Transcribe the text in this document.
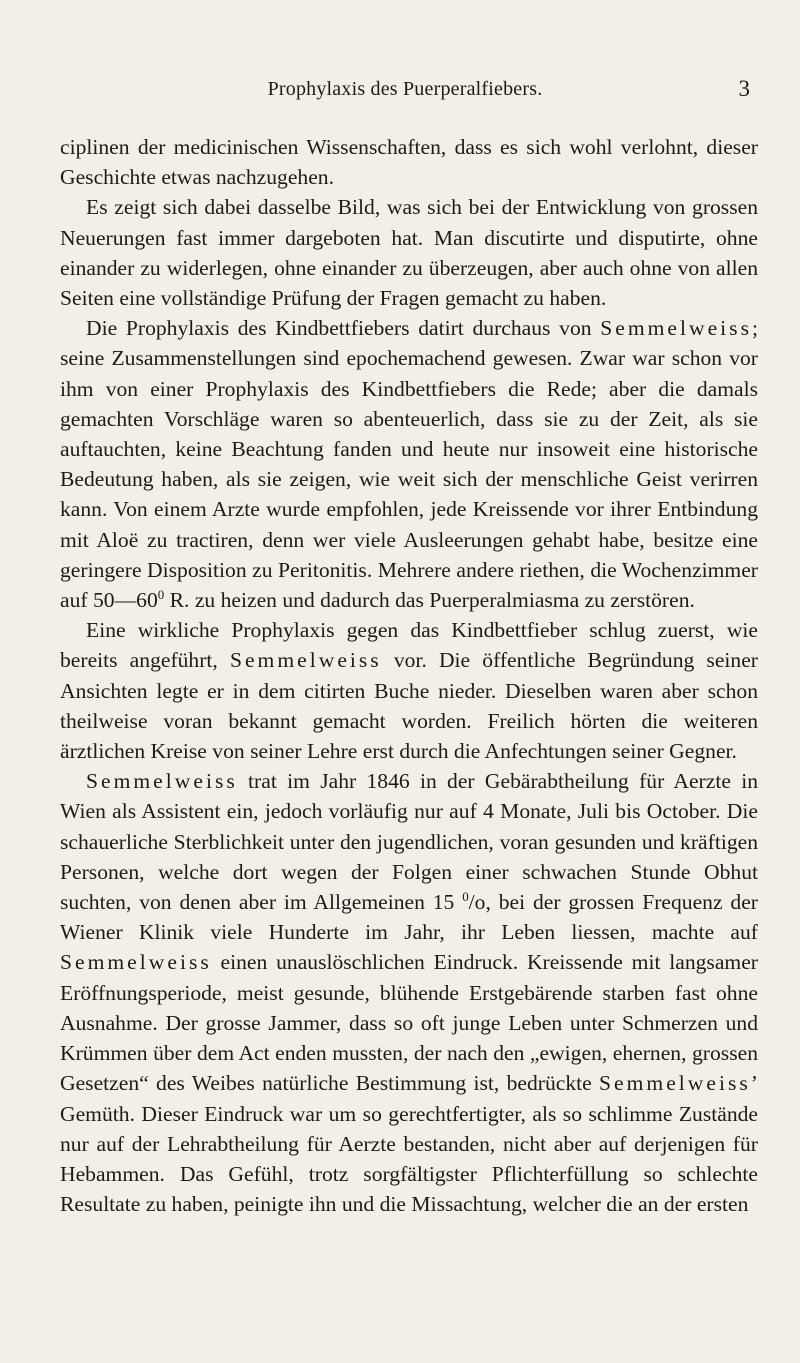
Prophylaxis des Puerperalfiebers.	3

ciplinen der medicinischen Wissenschaften, dass es sich wohl verlohnt, dieser Geschichte etwas nachzugehen.

Es zeigt sich dabei dasselbe Bild, was sich bei der Entwicklung von grossen Neuerungen fast immer dargeboten hat. Man discutirte und disputirte, ohne einander zu widerlegen, ohne einander zu überzeugen, aber auch ohne von allen Seiten eine vollständige Prüfung der Fragen gemacht zu haben.

Die Prophylaxis des Kindbettfiebers datirt durchaus von Semmelweiss; seine Zusammenstellungen sind epochemachend gewesen. Zwar war schon vor ihm von einer Prophylaxis des Kindbettfiebers die Rede; aber die damals gemachten Vorschläge waren so abenteuerlich, dass sie zu der Zeit, als sie auftauchten, keine Beachtung fanden und heute nur insoweit eine historische Bedeutung haben, als sie zeigen, wie weit sich der menschliche Geist verirren kann. Von einem Arzte wurde empfohlen, jede Kreissende vor ihrer Entbindung mit Aloë zu tractiren, denn wer viele Ausleerungen gehabt habe, besitze eine geringere Disposition zu Peritonitis. Mehrere andere riethen, die Wochenzimmer auf $50—60^0$ R. zu heizen und dadurch das Puerperalmiasma zu zerstören.

Eine wirkliche Prophylaxis gegen das Kindbettfieber schlug zuerst, wie bereits angeführt, Semmelweiss vor. Die öffentliche Begründung seiner Ansichten legte er in dem citirten Buche nieder. Dieselben waren aber schon theilweise voran bekannt gemacht worden. Freilich hörten die weiteren ärztlichen Kreise von seiner Lehre erst durch die Anfechtungen seiner Gegner.

Semmelweiss trat im Jahr 1846 in der Gebärabtheilung für Aerzte in Wien als Assistent ein, jedoch vorläufig nur auf 4 Monate, Juli bis October. Die schauerliche Sterblichkeit unter den jugendlichen, voran gesunden und kräftigen Personen, welche dort wegen der Folgen einer schwachen Stunde Obhut suchten, von denen aber im Allgemeinen 15 $^0$/o, bei der grossen Frequenz der Wiener Klinik viele Hunderte im Jahr, ihr Leben liessen, machte auf Semmelweiss einen unauslöschlichen Eindruck. Kreissende mit langsamer Eröffnungsperiode, meist gesunde, blühende Erstgebärende starben fast ohne Ausnahme. Der grosse Jammer, dass so oft junge Leben unter Schmerzen und Krümmen über dem Act enden mussten, der nach den „ewigen, ehernen, grossen Gesetzen“ des Weibes natürliche Bestimmung ist, bedrückte Semmelweiss’ Gemüth. Dieser Eindruck war um so gerechtfertigter, als so schlimme Zustände nur auf der Lehrabtheilung für Aerzte bestanden, nicht aber auf derjenigen für Hebammen. Das Gefühl, trotz sorgfältigster Pflichterfüllung so schlechte Resultate zu haben, peinigte ihn und die Missachtung, welcher die an der ersten
